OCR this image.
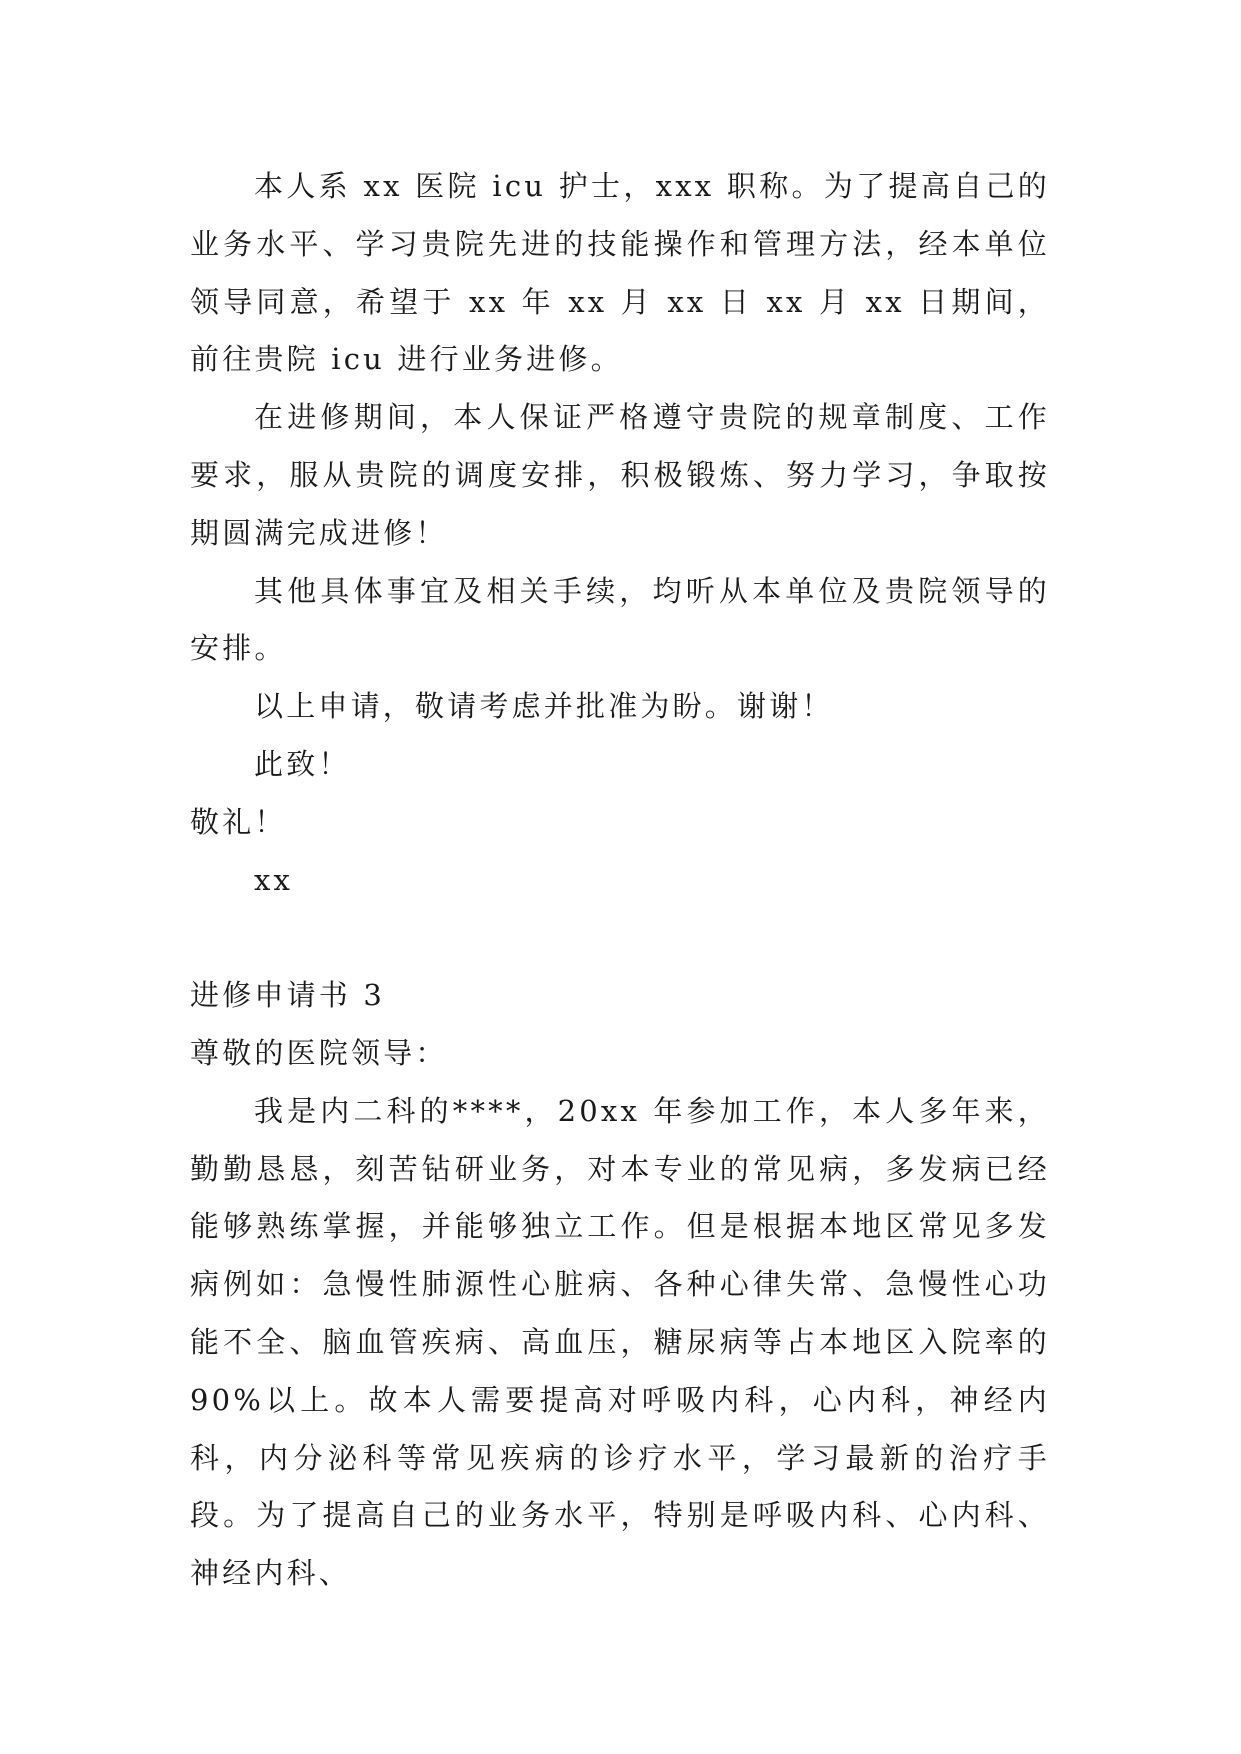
本人系 xx 医院 icu 护士，xxx 职称。为了提高自己的业务水平、学习贵院先进的技能操作和管理方法，经本单位领导同意，希望于 xx 年 xx 月 xx 日 xx 月 xx 日期间，前往贵院 icu 进行业务进修。

在进修期间，本人保证严格遵守贵院的规章制度、工作要求，服从贵院的调度安排，积极锻炼、努力学习，争取按期圆满完成进修！

其他具体事宜及相关手续，均听从本单位及贵院领导的安排。

以上申请，敬请考虑并批准为盼。谢谢！

此致！

敬礼！

xx

进修申请书 3

尊敬的医院领导：

我是内二科的****，20xx 年参加工作，本人多年来，勤勤恳恳，刻苦钻研业务，对本专业的常见病，多发病已经能够熟练掌握，并能够独立工作。但是根据本地区常见多发病例如：急慢性肺源性心脏病、各种心律失常、急慢性心功能不全、脑血管疾病、高血压，糖尿病等占本地区入院率的 90%以上。故本人需要提高对呼吸内科，心内科，神经内科，内分泌科等常见疾病的诊疗水平，学习最新的治疗手段。为了提高自己的业务水平，特别是呼吸内科、心内科、神经内科、
